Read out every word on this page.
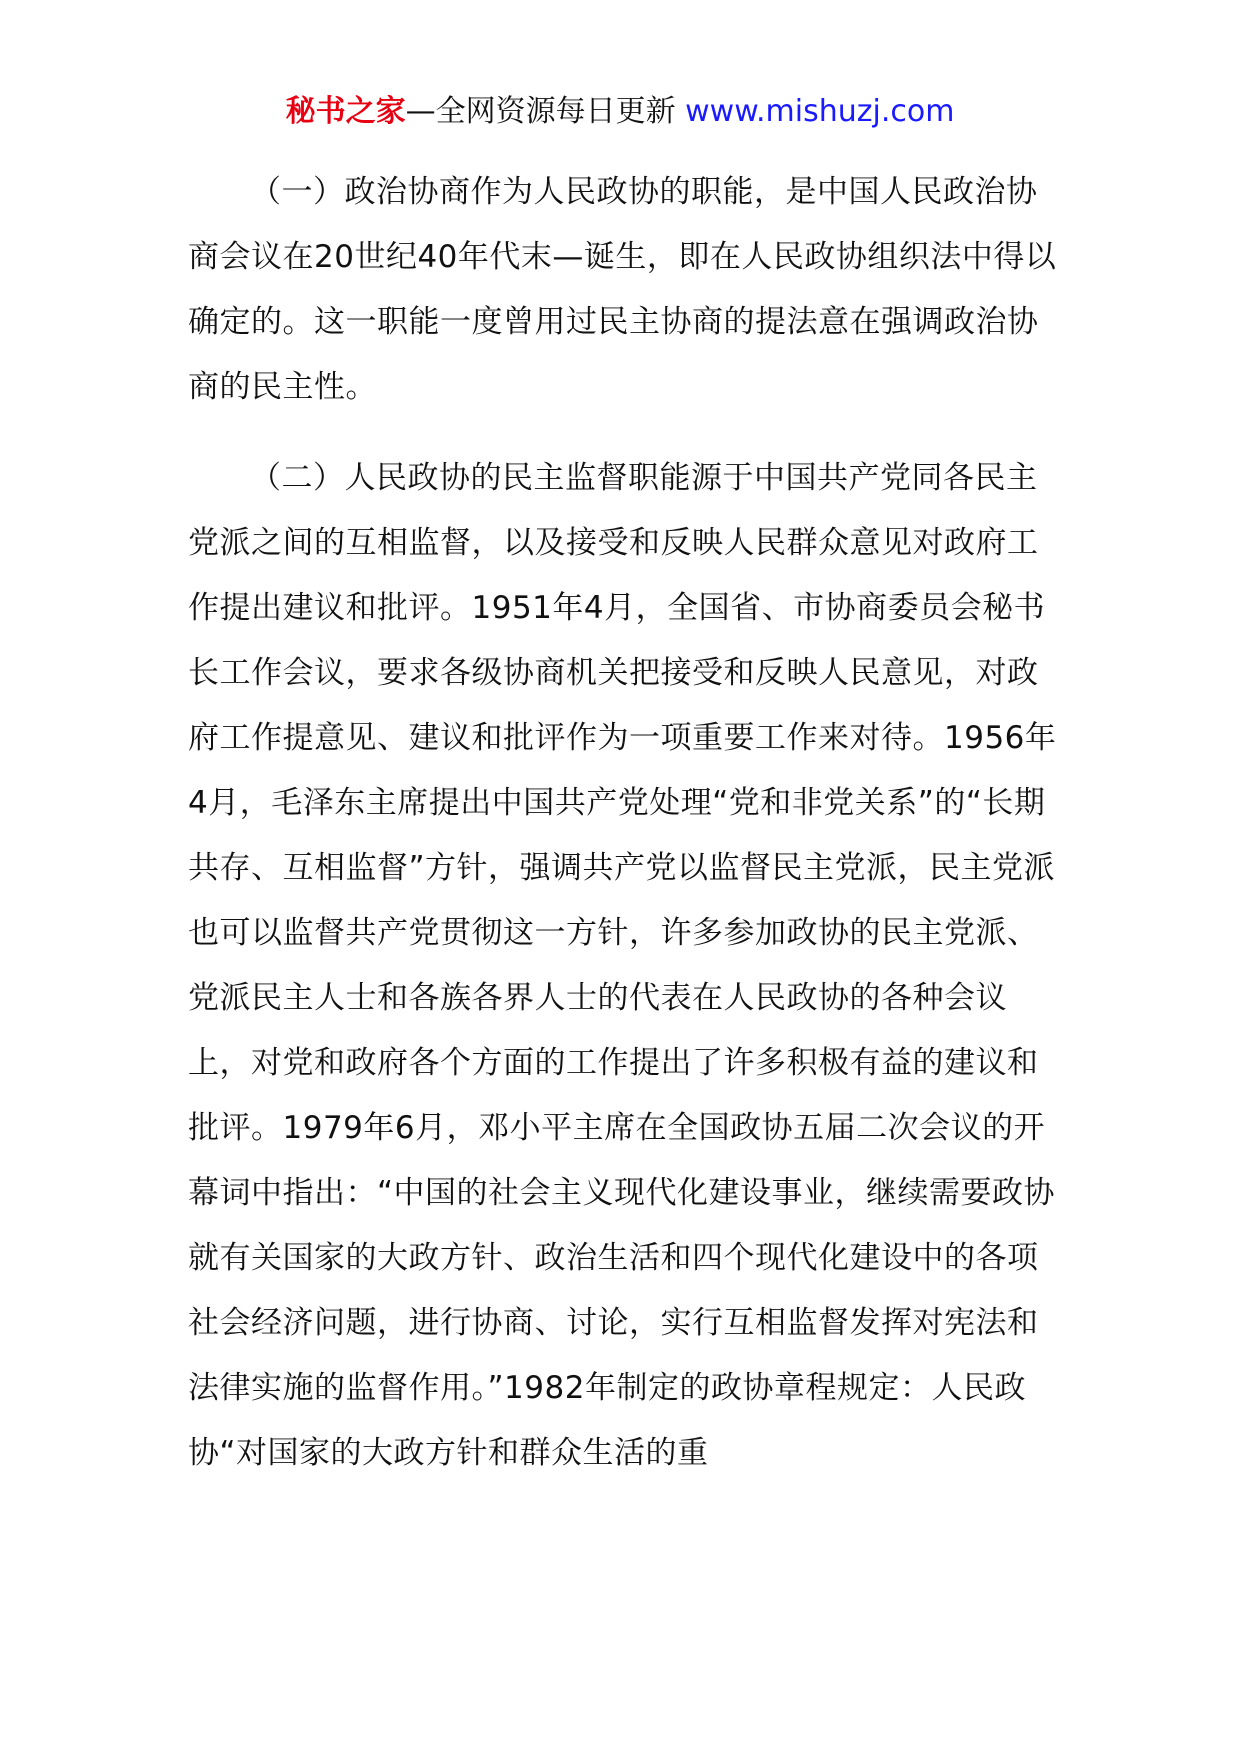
秘书之家—全网资源每日更新 www.mishuzj.com

（一）政治协商作为人民政协的职能，是中国人民政治协商会议在20世纪40年代末—诞生，即在人民政协组织法中得以确定的。这一职能一度曾用过民主协商的提法意在强调政治协商的民主性。

（二）人民政协的民主监督职能源于中国共产党同各民主党派之间的互相监督，以及接受和反映人民群众意见对政府工作提出建议和批评。1951年4月，全国省、市协商委员会秘书长工作会议，要求各级协商机关把接受和反映人民意见，对政府工作提意见、建议和批评作为一项重要工作来对待。1956年4月，毛泽东主席提出中国共产党处理“党和非党关系”的“长期共存、互相监督”方针，强调共产党以监督民主党派，民主党派也可以监督共产党贯彻这一方针，许多参加政协的民主党派、党派民主人士和各族各界人士的代表在人民政协的各种会议上，对党和政府各个方面的工作提出了许多积极有益的建议和批评。1979年6月，邓小平主席在全国政协五届二次会议的开幕词中指出：“中国的社会主义现代化建设事业，继续需要政协就有关国家的大政方针、政治生活和四个现代化建设中的各项社会经济问题，进行协商、讨论，实行互相监督发挥对宪法和法律实施的监督作用。”1982年制定的政协章程规定：人民政协“对国家的大政方针和群众生活的重
